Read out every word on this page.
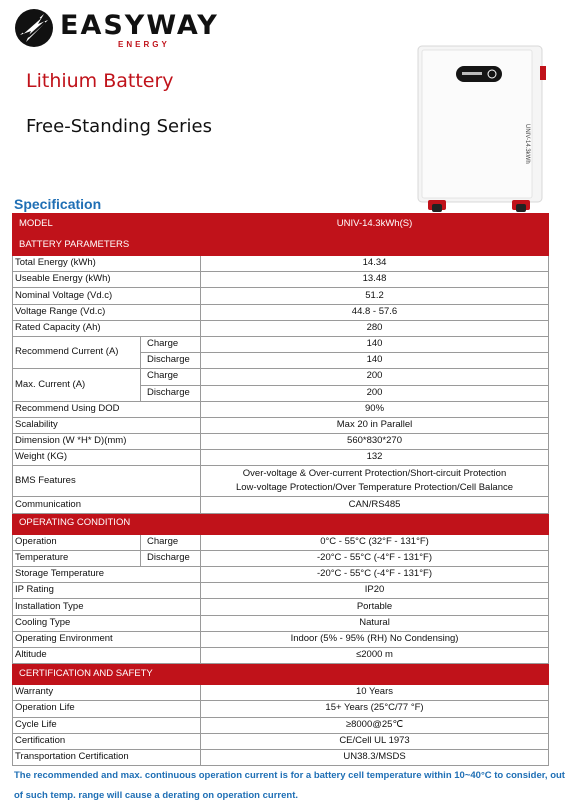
EASYWAY
ENERGY
Lithium Battery
Free-Standing Series	UNIV-14.3kWh
Specification
MODEL		UNIV-14.3kWh(S)
BATTERY PARAMETERS		
Total Energy (kWh)		14.34
Useable Energy (kWh)		13.48
Nominal Voltage (Vd.c)		51.2
Voltage Range (Vd.c)		44.8 - 57.6
Rated Capacity (Ah)		280
Recommend Current (A)	Charge	140
	Discharge	140
Max. Current (A)	Charge	200
	Discharge	200
Recommend Using DOD		90%
Scalability		Max 20 in Parallel
Dimension (W *H* D)(mm)		560*830*270
Weight (KG)		132
BMS Features		Over-voltage & Over-current Protection/Short-circuit Protection
Low-voltage Protection/Over Temperature Protection/Cell Balance

Communication		CAN/RS485
OPERATING CONDITION		
Operation	Charge	0°C - 55°C (32°F - 131°F)
Temperature	Discharge	-20°C - 55°C (-4°F - 131°F)
Storage Temperature		-20°C - 55°C (-4°F - 131°F)
IP Rating		IP20
Installation Type		Portable
Cooling Type		Natural
Operating Environment		Indoor (5% - 95% (RH) No Condensing)
Altitude		≤2000 m
CERTIFICATION AND SAFETY		
Warranty		10 Years
Operation Life		15+ Years (25°C/77 °F)
Cycle Life		≥8000@25℃
Certification		CE/Cell UL 1973
Transportation Certification		UN38.3/MSDS
The recommended and max. continuous operation current is for a battery cell temperature within 10~40°C to consider, out of such temp. range will cause a derating on operation current.
